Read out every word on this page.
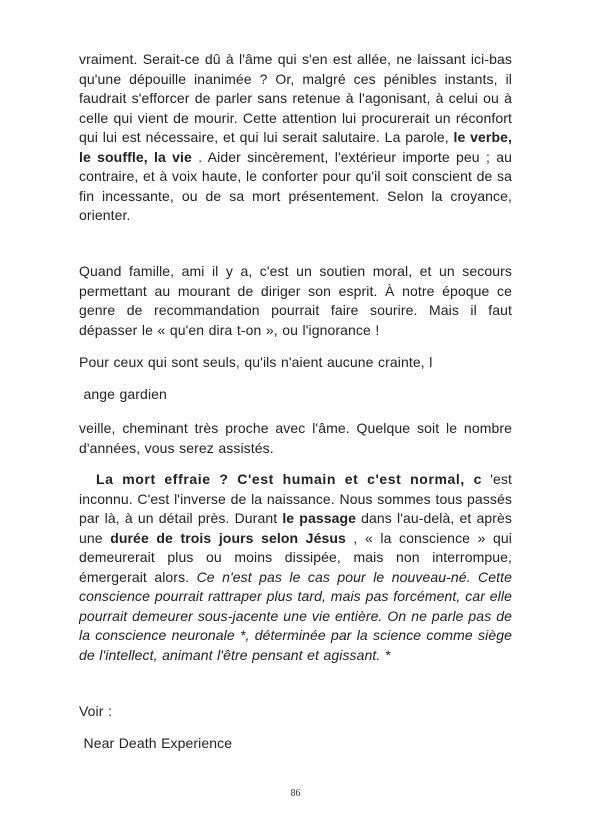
vraiment. Serait-ce dû à l'âme qui s'en est allée, ne laissant ici-bas qu'une dépouille inanimée ? Or, malgré ces pénibles instants, il faudrait s'efforcer de parler sans retenue à l'agonisant, à celui ou à celle qui vient de mourir. Cette attention lui procurerait un réconfort qui lui est nécessaire, et qui lui serait salutaire. La parole, le verbe, le souffle, la vie . Aider sincèrement, l'extérieur importe peu ; au contraire, et à voix haute, le conforter pour qu'il soit conscient de sa fin incessante, ou de sa mort présentement. Selon la croyance, orienter.
Quand famille, ami il y a, c'est un soutien moral, et un secours permettant au mourant de diriger son esprit. À notre époque ce genre de recommandation pourrait faire sourire. Mais il faut dépasser le « qu'en dira t-on », ou l'ignorance !
Pour ceux qui sont seuls, qu'ils n'aient aucune crainte, l
ange gardien
veille, cheminant très proche avec l'âme. Quelque soit le nombre d'années, vous serez assistés.
La mort effraie ? C'est humain et c'est normal, c 'est inconnu. C'est l'inverse de la naissance. Nous sommes tous passés par là, à un détail près. Durant le passage dans l'au-delà, et après une durée de trois jours selon Jésus , « la conscience » qui demeurerait plus ou moins dissipée, mais non interrompue, émergerait alors. Ce n'est pas le cas pour le nouveau-né. Cette conscience pourrait rattraper plus tard, mais pas forcément, car elle pourrait demeurer sous-jacente une vie entière. On ne parle pas de la conscience neuronale *, déterminée par la science comme siège de l'intellect, animant l'être pensant et agissant. *
Voir :
Near Death Experience
86
